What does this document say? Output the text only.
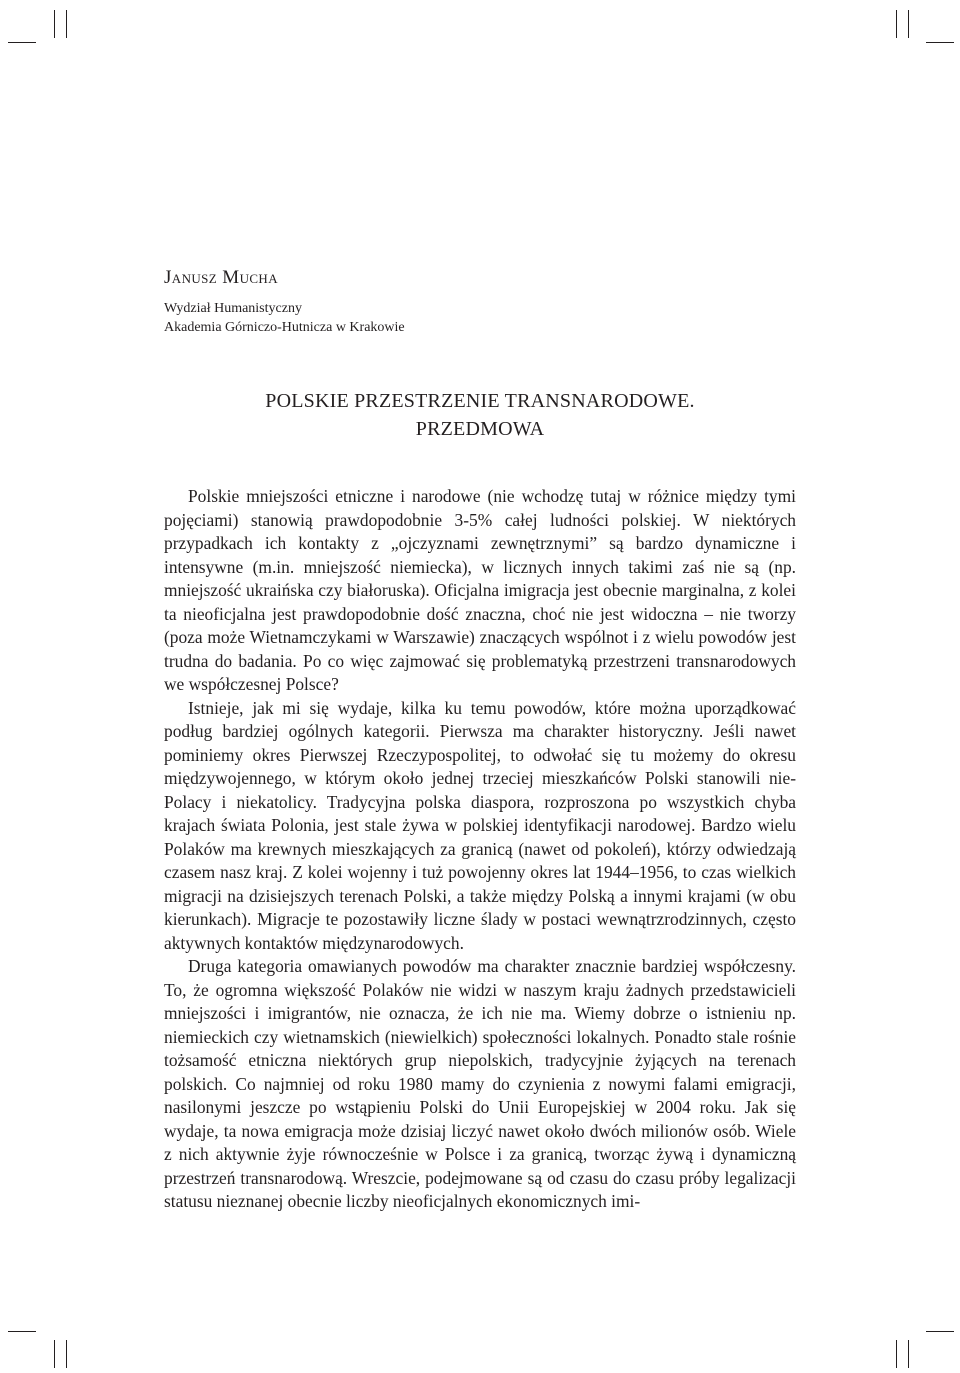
Janusz Mucha
Wydział Humanistyczny
Akademia Górniczo-Hutnicza w Krakowie
POLSKIE PRZESTRZENIE TRANSNARODOWE.
PRZEDMOWA

Polskie mniejszości etniczne i narodowe (nie wchodzę tutaj w różnice między tymi pojęciami) stanowią prawdopodobnie 3-5% całej ludności polskiej. W niektórych przypadkach ich kontakty z „ojczyznami zewnętrznymi” są bardzo dynamiczne i intensywne (m.in. mniejszość niemiecka), w licznych innych takimi zaś nie są (np. mniejszość ukraińska czy białoruska). Oficjalna imigracja jest obecnie marginalna, z kolei ta nieoficjalna jest prawdopodobnie dość znaczna, choć nie jest widoczna – nie tworzy (poza może Wietnamczykami w Warszawie) znaczących wspólnot i z wielu powodów jest trudna do badania. Po co więc zajmować się problematyką przestrzeni transnarodowych we współczesnej Polsce?

Istnieje, jak mi się wydaje, kilka ku temu powodów, które można uporządkować podług bardziej ogólnych kategorii. Pierwsza ma charakter historyczny. Jeśli nawet pominiemy okres Pierwszej Rzeczypospolitej, to odwołać się tu możemy do okresu międzywojennego, w którym około jednej trzeciej mieszkańców Polski stanowili nie-Polacy i niekatolicy. Tradycyjna polska diaspora, rozproszona po wszystkich chyba krajach świata Polonia, jest stale żywa w polskiej identyfikacji narodowej. Bardzo wielu Polaków ma krewnych mieszkających za granicą (nawet od pokoleń), którzy odwiedzają czasem nasz kraj. Z kolei wojenny i tuż powojenny okres lat 1944–1956, to czas wielkich migracji na dzisiejszych terenach Polski, a także między Polską a innymi krajami (w obu kierunkach). Migracje te pozostawiły liczne ślady w postaci wewnątrzrodzinnych, często aktywnych kontaktów międzynarodowych.

Druga kategoria omawianych powodów ma charakter znacznie bardziej współczesny. To, że ogromna większość Polaków nie widzi w naszym kraju żadnych przedstawicieli mniejszości i imigrantów, nie oznacza, że ich nie ma. Wiemy dobrze o istnieniu np. niemieckich czy wietnamskich (niewielkich) społeczności lokalnych. Ponadto stale rośnie tożsamość etniczna niektórych grup niepolskich, tradycyjnie żyjących na terenach polskich. Co najmniej od roku 1980 mamy do czynienia z nowymi falami emigracji, nasilonymi jeszcze po wstąpieniu Polski do Unii Europejskiej w 2004 roku. Jak się wydaje, ta nowa emigracja może dzisiaj liczyć nawet około dwóch milionów osób. Wiele z nich aktywnie żyje równocześnie w Polsce i za granicą, tworząc żywą i dynamiczną przestrzeń transnarodową. Wreszcie, podejmowane są od czasu do czasu próby legalizacji statusu nieznanej obecnie liczby nieoficjalnych ekonomicznych imi-
